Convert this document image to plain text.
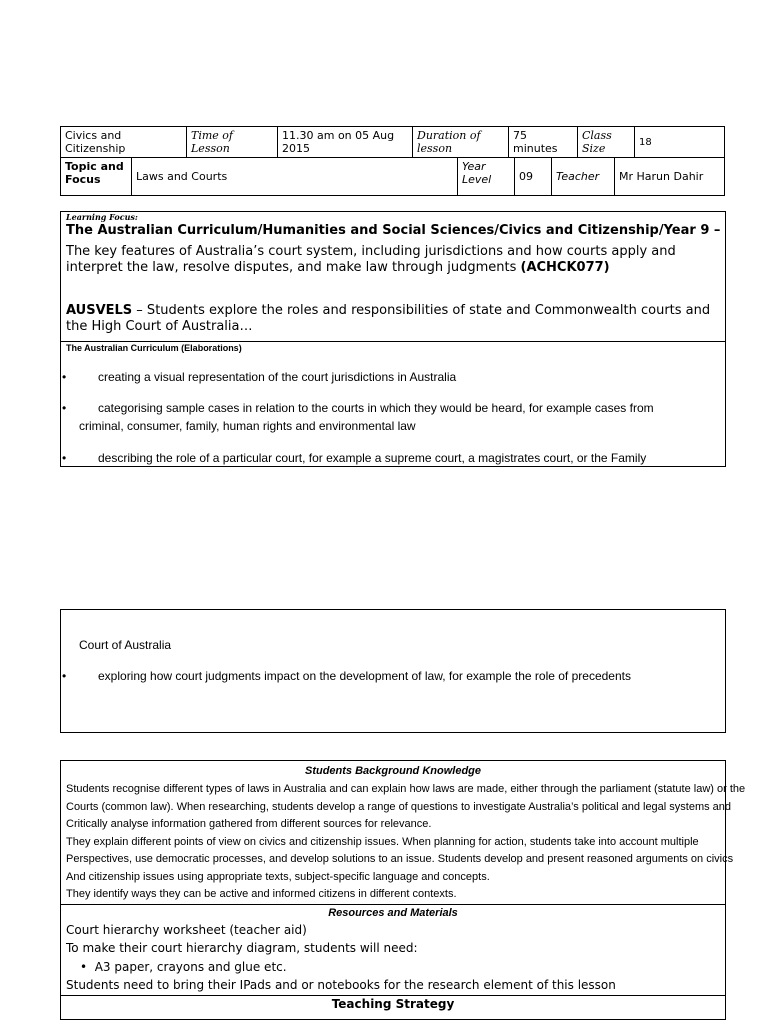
Civics and Citizenship	Time of Lesson	11.30 am on 05 Aug 2015	Duration of lesson	75 minutes	Class Size	18
Topic and Focus	Laws and Courts	Year Level	09	Teacher	Mr Harun Dahir
Learning Focus:
The Australian Curriculum/Humanities and Social Sciences/Civics and Citizenship/Year 9 –
The key features of Australia’s court system, including jurisdictions and how courts apply and interpret the law, resolve disputes, and make law through judgments (ACHCK077)
AUSVELS – Students explore the roles and responsibilities of state and Commonwealth courts and the High Court of Australia…
The Australian Curriculum (Elaborations)
•	creating a visual representation of the court jurisdictions in Australia
•	categorising sample cases in relation to the courts in which they would be heard, for example cases from
criminal, consumer, family, human rights and environmental law
•	describing the role of a particular court, for example a supreme court, a magistrates court, or the Family
Court of Australia
•	exploring how court judgments impact on the development of law, for example the role of precedents
Students Background Knowledge
Students recognise different types of laws in Australia and can explain how laws are made, either through the parliament (statute law) or the
Courts (common law). When researching, students develop a range of questions to investigate Australia’s political and legal systems and
Critically analyse information gathered from different sources for relevance.
They explain different points of view on civics and citizenship issues. When planning for action, students take into account multiple
Perspectives, use democratic processes, and develop solutions to an issue. Students develop and present reasoned arguments on civics
And citizenship issues using appropriate texts, subject-specific language and concepts.
They identify ways they can be active and informed citizens in different contexts.
Resources and Materials
Court hierarchy worksheet (teacher aid)
To make their court hierarchy diagram, students will need:
• A3 paper, crayons and glue etc.
Students need to bring their IPads and or notebooks for the research element of this lesson
Teaching Strategy
